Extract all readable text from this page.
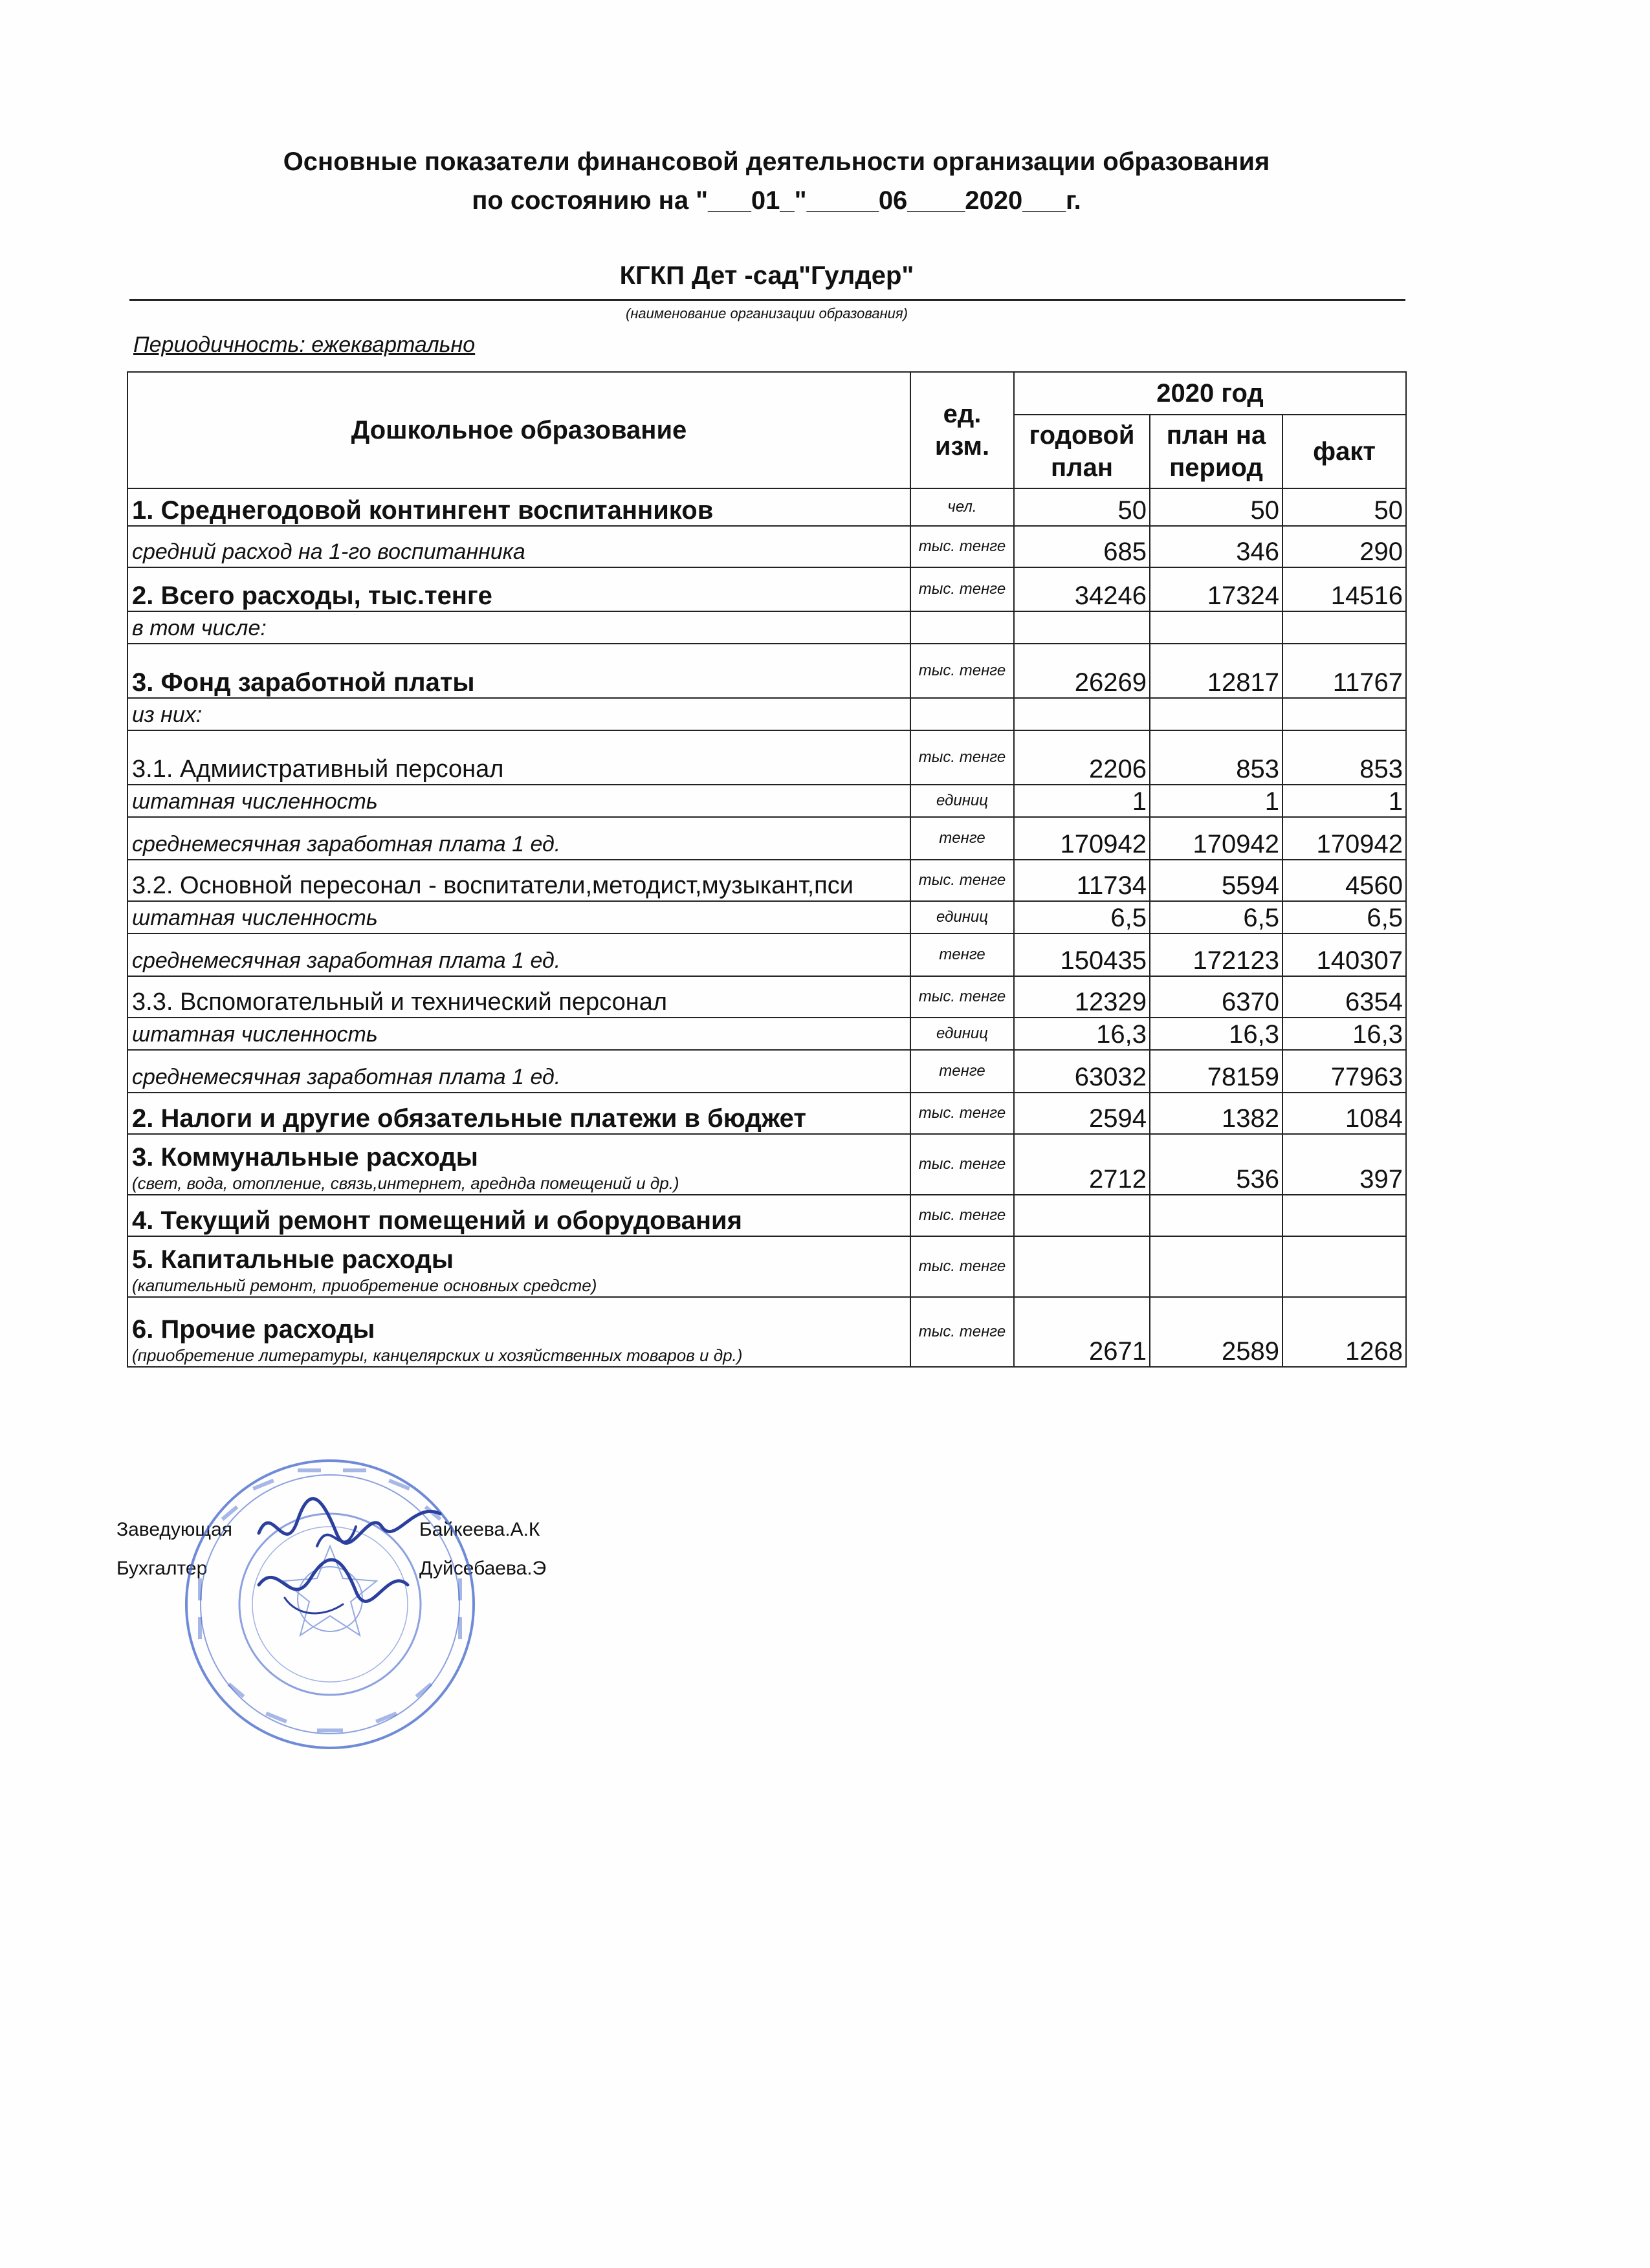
Основные показатели финансовой деятельности организации образования
по состоянию на "___01_"_____06____2020___г.
КГКП Дет -сад"Гулдер"
(наименование организации образования)
Периодичность: ежеквартально
Дошкольное образование	ед. изм.	2020 год		
		годовой план	план на период	факт

1. Среднегодовой контингент воспитанников	чел.	50	50	50

средний расход на 1-го воспитанника	тыс. тенге	685	346	290

2. Всего расходы, тыс.тенге	тыс. тенге	34246	17324	14516

в том числе:				

3. Фонд заработной платы	тыс. тенге	26269	12817	11767

из них:				

3.1. Адмиистративный персонал	тыс. тенге	2206	853	853

штатная численность	единиц	1	1	1

среднемесячная заработная плата 1 ед.	тенге	170942	170942	170942

3.2. Основной пересонал - воспитатели,методист,музыкант,пси	тыс. тенге	11734	5594	4560

штатная численность	единиц	6,5	6,5	6,5

среднемесячная заработная плата 1 ед.	тенге	150435	172123	140307

3.3. Вспомогательный и технический персонал	тыс. тенге	12329	6370	6354

штатная численность	единиц	16,3	16,3	16,3

среднемесячная заработная плата 1 ед.	тенге	63032	78159	77963

2. Налоги и другие обязательные платежи в бюджет	тыс. тенге	2594	1382	1084

3. Коммунальные расходы
(свет, вода, отопление, связь,интернет, ареднда помещений и др.)	тыс. тенге	2712	536	397

4. Текущий ремонт помещений и оборудования	тыс. тенге			

5. Капитальные расходы
(капительный ремонт, приобретение основных средстe)	тыс. тенге			

6. Прочие расходы
(приобретение литературы, канцелярских и хозяйственных товаров и др.)	тыс. тенге	2671	2589	1268
Заведующая	Байкеева.А.К
Бухгалтер	Дуйсебаева.Э
